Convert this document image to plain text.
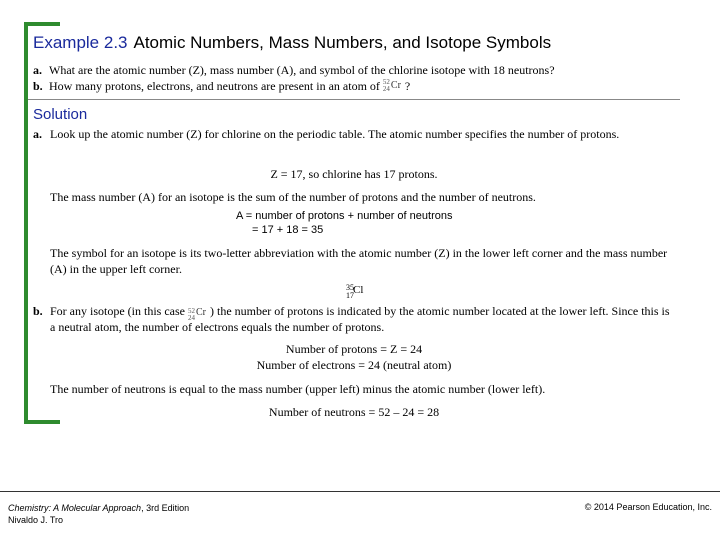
Example 2.3 Atomic Numbers, Mass Numbers, and Isotope Symbols
a. What are the atomic number (Z), mass number (A), and symbol of the chlorine isotope with 18 neutrons?
b. How many protons, electrons, and neutrons are present in an atom of 52
24 Cr ?
Solution
a. Look up the atomic number (Z) for chlorine on the periodic table. The atomic number specifies the number of protons.
Z = 17, so chlorine has 17 protons.
The mass number (A) for an isotope is the sum of the number of protons and the number of neutrons.
A = number of protons + number of neutrons
= 17 + 18 = 35
The symbol for an isotope is its two-letter abbreviation with the atomic number (Z) in the lower left corner and the mass number (A) in the upper left corner.
35
17 Cl
b. For any isotope (in this case 52
24 Cr ) the number of protons is indicated by the atomic number located at the lower left. Since this is a neutral atom, the number of electrons equals the number of protons.
Number of protons = Z = 24
Number of electrons = 24 (neutral atom)
The number of neutrons is equal to the mass number (upper left) minus the atomic number (lower left).
Number of neutrons = 52 – 24 = 28
Chemistry: A Molecular Approach, 3rd Edition
Nivaldo J. Tro
© 2014 Pearson Education, Inc.
